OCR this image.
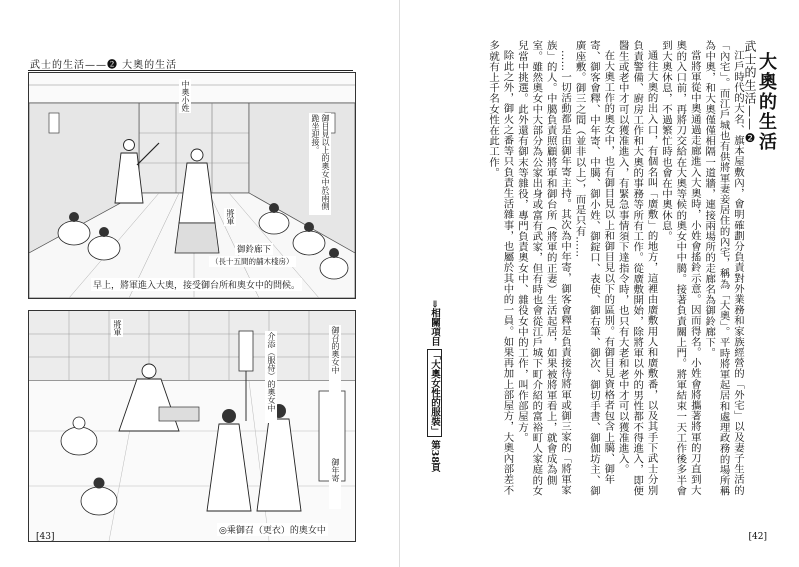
武士的生活——❷ 大奧的生活
中奧小姓
御目見以上的奧女中於兩側跪坐迎接。
將軍
御鈴廊下
（長十五間的舖木棧房）
早上，將軍進入大奧，接受御台所和奧女中的問候。
將軍
介添（服侍）的奧女中	御召的奧女中
御年寄
◎乘御召（更衣）的奧女中
[43]
武士的生活——❷ 大奧的生活

江戶時代的大名、旗本屋敷內，會明確劃分負責對外業務和家族經營的「外宅」以及妻子生活的「內宅」。而江戶城也有供將軍妻妾居住的內宅，稱為「大奧」。平時將軍起居和處理政務的場所稱為中奧，和大奧僅僅相隔一道牆，連接兩場所的走廊名為御鈴廊下。

當將軍從中奧通過走廊進入大奧時，小姓會搖鈴示意。因而得名。小姓會將攜著將軍的刀直到大奧的入口前，再將刀交給在大奧等候的奧女中中臈。接著負責關上門。將軍結束一天工作後多半會到大奧休息，不過繁忙時也會在中奧休息。

通往大奧的出入口，有個名叫「廣敷」的地方，這裡由廣敷用人和廣敷番，以及其手下武士分別負責警備、廚房工作和大奧的事務等所有工作。從廣敷開始，除將軍以外的男性都不得進入，即便醫生或老中才可以獲准進入，有緊急事情須下達指令時，也只有大老和老中才可以獲准進入。

在大奧工作的奧女中，也有御目見以上和御目見以下的區別。有御目見資格者包含上臈、御年寄、御客會釋、中年寄、中臈、御小姓、御錠口、表使、御右筆、御次、御切手書、御伽坊主、御廣座敷。御三之間（並非以上），而是只有……

……一切活動都是由御年寄主持。其次為中年寄，御客會釋是負責接待將軍或御三家的「將軍家族」的人。中臈負責照顧將軍和御台所（將軍的正妻）生活起居，如果被將軍看上，就會成為側室。雖然奧女中大部分為公家出身或富有武家，但有時也會從江戶城下町介紹的富裕町人家庭的女兒當中挑選。此外還有御末等雜役，專門負責奧女中、雜役女中的工作，叫作部屋方。

除此之外，御火之番等只負責生活雜事，也屬於其中的一員。如果再加上部屋方，大奧內部差不多就有上千名女性在此工作。

⇒相關項目 「大奧女性的服裝」 第38頁
[42]
